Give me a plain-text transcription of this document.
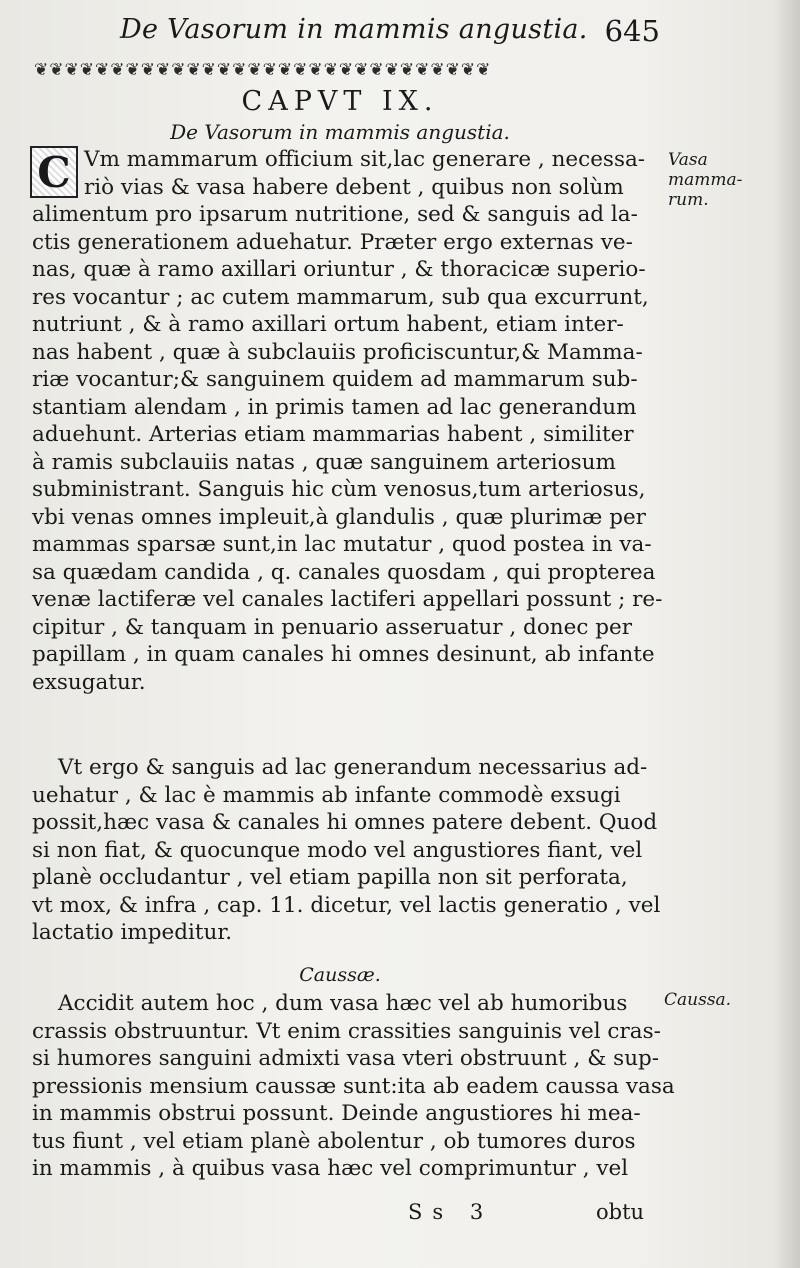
De Vasorum in mammis angustia. 645
❦❦❦❦❦❦❦❦❦❦❦❦❦❦❦❦❦❦❦❦❦❦❦❦❦❦❦❦❦❦
CAPVT IX.
De Vasorum in mammis angustia.
C Vm mammarum officium sit,lac generare , necessa-
riò vias & vasa habere debent , quibus non solùm
alimentum pro ipsarum nutritione, sed & sanguis ad la-
ctis generationem aduehatur. Præter ergo externas ve-
nas, quæ à ramo axillari oriuntur , & thoracicæ superio-
res vocantur ; ac cutem mammarum, sub qua excurrunt,
nutriunt , & à ramo axillari ortum habent, etiam inter-
nas habent , quæ à subclauiis proficiscuntur,& Mamma-
riæ vocantur;& sanguinem quidem ad mammarum sub-
stantiam alendam , in primis tamen ad lac generandum
aduehunt. Arterias etiam mammarias habent , similiter
à ramis subclauiis natas , quæ sanguinem arteriosum
subministrant. Sanguis hic cùm venosus,tum arteriosus,
vbi venas omnes impleuit,à glandulis , quæ plurimæ per
mammas sparsæ sunt,in lac mutatur , quod postea in va-
sa quædam candida , q. canales quosdam , qui propterea
venæ lactiferæ vel canales lactiferi appellari possunt ; re-
cipitur , & tanquam in penuario asseruatur , donec per
papillam , in quam canales hi omnes desinunt, ab infante
exsugatur.
Vasa
mamma-
rum.
Vt ergo & sanguis ad lac generandum necessarius ad-
uehatur , & lac è mammis ab infante commodè exsugi
possit,hæc vasa & canales hi omnes patere debent. Quod
si non fiat, & quocunque modo vel angustiores fiant, vel
planè occludantur , vel etiam papilla non sit perforata,
vt mox, & infra , cap. 11. dicetur, vel lactis generatio , vel
lactatio impeditur.
Caussæ.
Caussa.
Accidit autem hoc , dum vasa hæc vel ab humoribus
crassis obstruuntur. Vt enim crassities sanguinis vel cras-
si humores sanguini admixti vasa vteri obstruunt , & sup-
pressionis mensium caussæ sunt:ita ab eadem caussa vasa
in mammis obstrui possunt. Deinde angustiores hi mea-
tus fiunt , vel etiam planè abolentur , ob tumores duros
in mammis , à quibus vasa hæc vel comprimuntur , vel
Ss 3	obtu
